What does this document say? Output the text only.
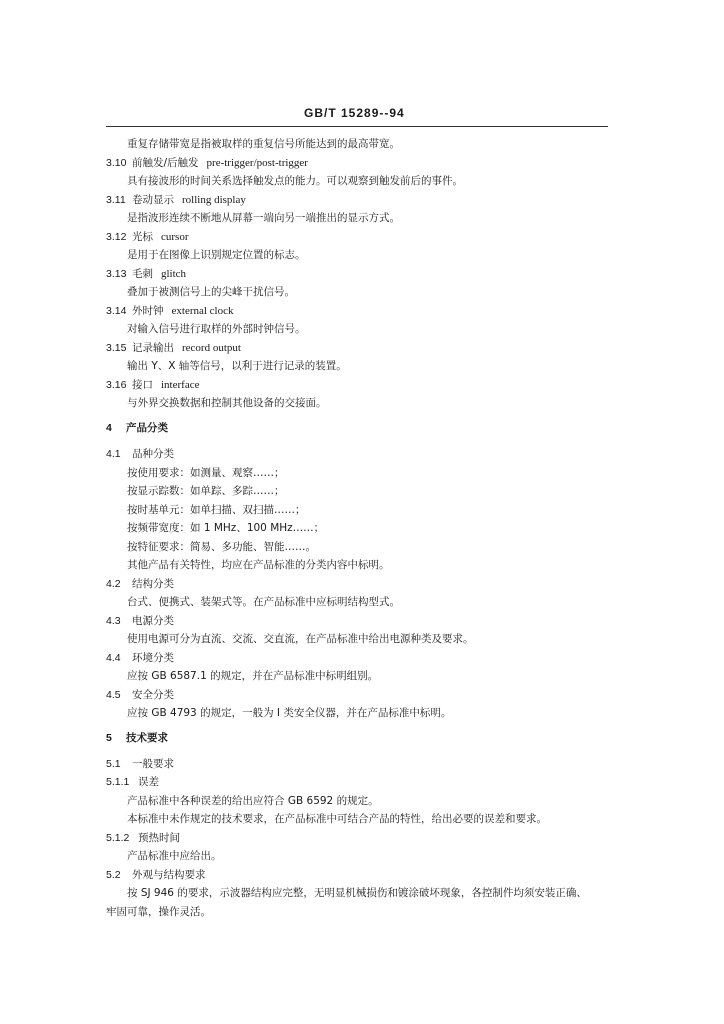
GB/T 15289--94
重复存储带宽是指被取样的重复信号所能达到的最高带宽。
3.10 前触发/后触发 pre-trigger/post-trigger
具有接波形的时间关系选择触发点的能力。可以观察到触发前后的事件。
3.11 卷动显示 rolling display
是指波形连续不断地从屏幕一端向另一端推出的显示方式。
3.12 光标 cursor
是用于在图像上识别规定位置的标志。
3.13 毛刺 glitch
叠加于被测信号上的尖峰干扰信号。
3.14 外时钟 external clock
对输入信号进行取样的外部时钟信号。
3.15 记录输出 record output
输出 Y、X 轴等信号，以利于进行记录的装置。
3.16 接口 interface
与外界交换数据和控制其他设备的交接面。
4 产品分类
4.1 品种分类
按使用要求：如测量、观察……；
按显示踪数：如单踪、多踪……；
按时基单元：如单扫描、双扫描……；
按频带宽度：如 1 MHz、100 MHz……；
按特征要求：简易、多功能、智能……。
其他产品有关特性，均应在产品标准的分类内容中标明。
4.2 结构分类
台式、便携式、装架式等。在产品标准中应标明结构型式。
4.3 电源分类
使用电源可分为直流、交流、交直流，在产品标准中给出电源种类及要求。
4.4 环境分类
应按 GB 6587.1 的规定，并在产品标准中标明组别。
4.5 安全分类
应按 GB 4793 的规定，一般为 I 类安全仪器，并在产品标准中标明。
5 技术要求
5.1 一般要求
5.1.1 误差
产品标准中各种误差的给出应符合 GB 6592 的规定。
本标准中未作规定的技术要求，在产品标准中可结合产品的特性，给出必要的误差和要求。
5.1.2 预热时间
产品标准中应给出。
5.2 外观与结构要求
按 SJ 946 的要求，示波器结构应完整，无明显机械损伤和镀涂破坏现象，各控制件均须安装正确、
牢固可靠，操作灵活。
